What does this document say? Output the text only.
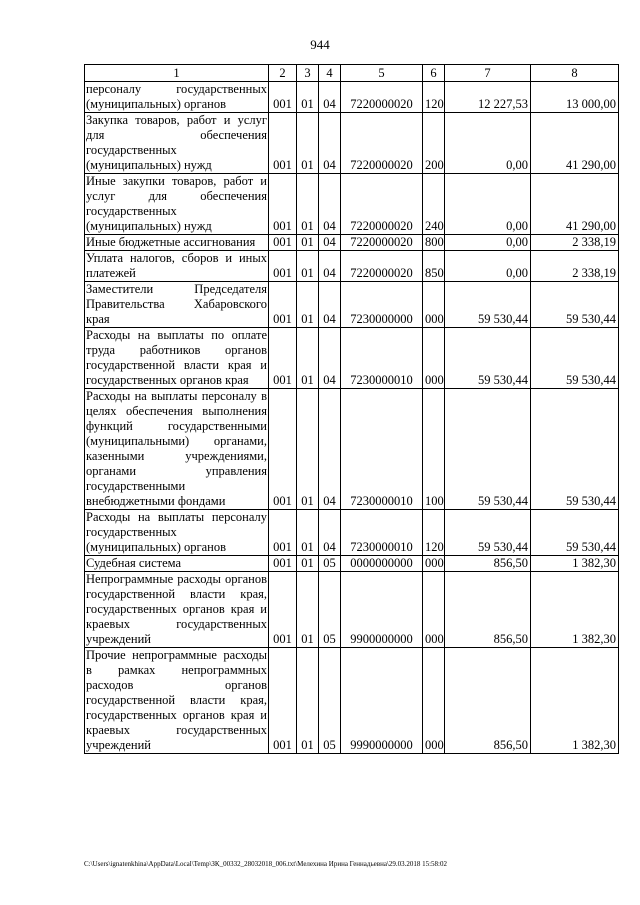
944
1	2	3	4	5	6	7	8
персоналу государственных (муниципальных) органов	001	01	04	7220000020	120	12 227,53	13 000,00
Закупка товаров, работ и услуг для обеспечения государственных (муниципальных) нужд	001	01	04	7220000020	200	0,00	41 290,00
Иные закупки товаров, работ и услуг для обеспечения государственных (муниципальных) нужд	001	01	04	7220000020	240	0,00	41 290,00
Иные бюджетные ассигнования	001	01	04	7220000020	800	0,00	2 338,19
Уплата налогов, сборов и иных платежей	001	01	04	7220000020	850	0,00	2 338,19
Заместители Председателя Правительства Хабаровского края	001	01	04	7230000000	000	59 530,44	59 530,44
Расходы на выплаты по оплате труда работников органов государственной власти края и государственных органов края	001	01	04	7230000010	000	59 530,44	59 530,44
Расходы на выплаты персоналу в целях обеспечения выполнения функций государственными (муниципальными) органами, казенными учреждениями, органами управления государственными внебюджетными фондами	001	01	04	7230000010	100	59 530,44	59 530,44
Расходы на выплаты персоналу государственных (муниципальных) органов	001	01	04	7230000010	120	59 530,44	59 530,44
Судебная система	001	01	05	0000000000	000	856,50	1 382,30
Непрограммные расходы органов государственной власти края, государственных органов края и краевых государственных учреждений	001	01	05	9900000000	000	856,50	1 382,30
Прочие непрограммные расходы в рамках непрограммных расходов органов государственной власти края, государственных органов края и краевых государственных учреждений	001	01	05	9990000000	000	856,50	1 382,30
C:\Users\ignatenkhina\AppData\Local\Temp\ЗК_00332_28032018_006.txt\Мелехина Ирина Геннадьевна\29.03.2018 15:58:02
